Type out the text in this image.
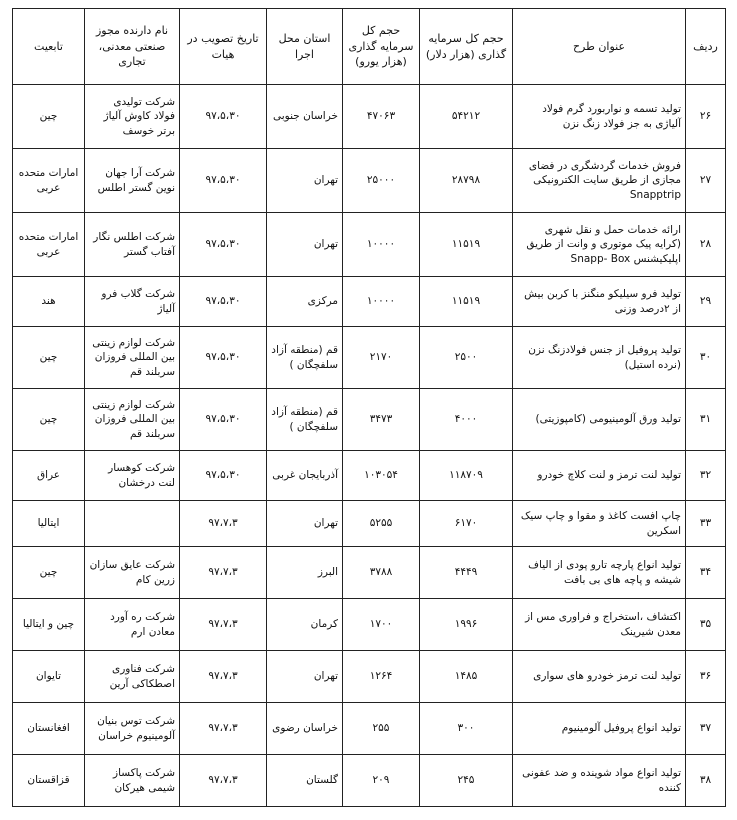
ردیف	عنوان طرح	حجم کل سرمایه گذاری (هزار دلار)	حجم کل سرمایه گذاری (هزار یورو)	استان محل اجرا	تاریخ تصویب در هیات	نام دارنده مجوز صنعتی معدنی، تجاری	تابعیت
۲۶	تولید تسمه و نواربورد گرم فولاد آلیاژی به جز فولاد زنگ نزن	۵۴۲۱۲	۴۷۰۶۳	خراسان جنوبی	۹۷،۵،۳۰	شرکت تولیدی فولاد کاوش آلیاژ برتر خوسف	چین
۲۷	فروش خدمات گردشگری در فضای مجازی از طریق سایت الکترونیکی Snapptrip	۲۸۷۹۸	۲۵۰۰۰	تهران	۹۷،۵،۳۰	شرکت آرا جهان نوین گستر اطلس	امارات متحده عربی
۲۸	ارائه خدمات حمل و نقل شهری (کرایه پیک موتوری و وانت از طریق اپلیکیشنس Snapp- Box	۱۱۵۱۹	۱۰۰۰۰	تهران	۹۷،۵،۳۰	شرکت اطلس نگار آفتاب گستر	امارات متحده عربی
۲۹	تولید فرو سیلیکو منگنز با کربن بیش از ۲درصد وزنی	۱۱۵۱۹	۱۰۰۰۰	مرکزی	۹۷،۵،۳۰	شرکت گلاب فرو آلیاژ	هند
۳۰	تولید پروفیل از جنس فولادزنگ نزن (نرده استیل)	۲۵۰۰	۲۱۷۰	قم (منطقه آزاد سلفچگان )	۹۷،۵،۳۰	شرکت لوازم زینتی بین المللی فروزان سربلند قم	چین
۳۱	تولید ورق آلومینیومی (کامپوزیتی)	۴۰۰۰	۳۴۷۳	قم (منطقه آزاد سلفچگان )	۹۷،۵،۳۰	شرکت لوازم زینتی بین المللی فروزان سربلند قم	چین
۳۲	تولید لنت ترمز و لنت کلاچ خودرو	۱۱۸۷۰۹	۱۰۳۰۵۴	آذربایجان غربی	۹۷،۵،۳۰	شرکت کوهسار لنت درخشان	عراق
۳۳	چاپ افست کاغذ و مقوا و چاپ سیک اسکرین	۶۱۷۰	۵۲۵۵	تهران	۹۷،۷،۳		ایتالیا
۳۴	تولید انواع پارچه تارو پودی از الیاف شیشه و پاچه های بی بافت	۴۴۴۹	۳۷۸۸	البرز	۹۷،۷،۳	شرکت عایق سازان زرین کام	چین
۳۵	اکتشاف ،استخراج و فراوری مس از معدن شیرینک	۱۹۹۶	۱۷۰۰	کرمان	۹۷،۷،۳	شرکت ره آورد معادن ارم	چین و ایتالیا
۳۶	تولید لنت ترمز خودرو های سواری	۱۴۸۵	۱۲۶۴	تهران	۹۷،۷،۳	شرکت فناوری اصطکاکی آرین	تایوان
۳۷	تولید انواع پروفیل آلومینیوم	۳۰۰	۲۵۵	خراسان رضوی	۹۷،۷،۳	شرکت توس بنیان آلومینیوم خراسان	افغانستان
۳۸	تولید انواع مواد شوینده و ضد عفونی کننده	۲۴۵	۲۰۹	گلستان	۹۷،۷،۳	شرکت پاکساز شیمی هیرکان	قزاقستان
